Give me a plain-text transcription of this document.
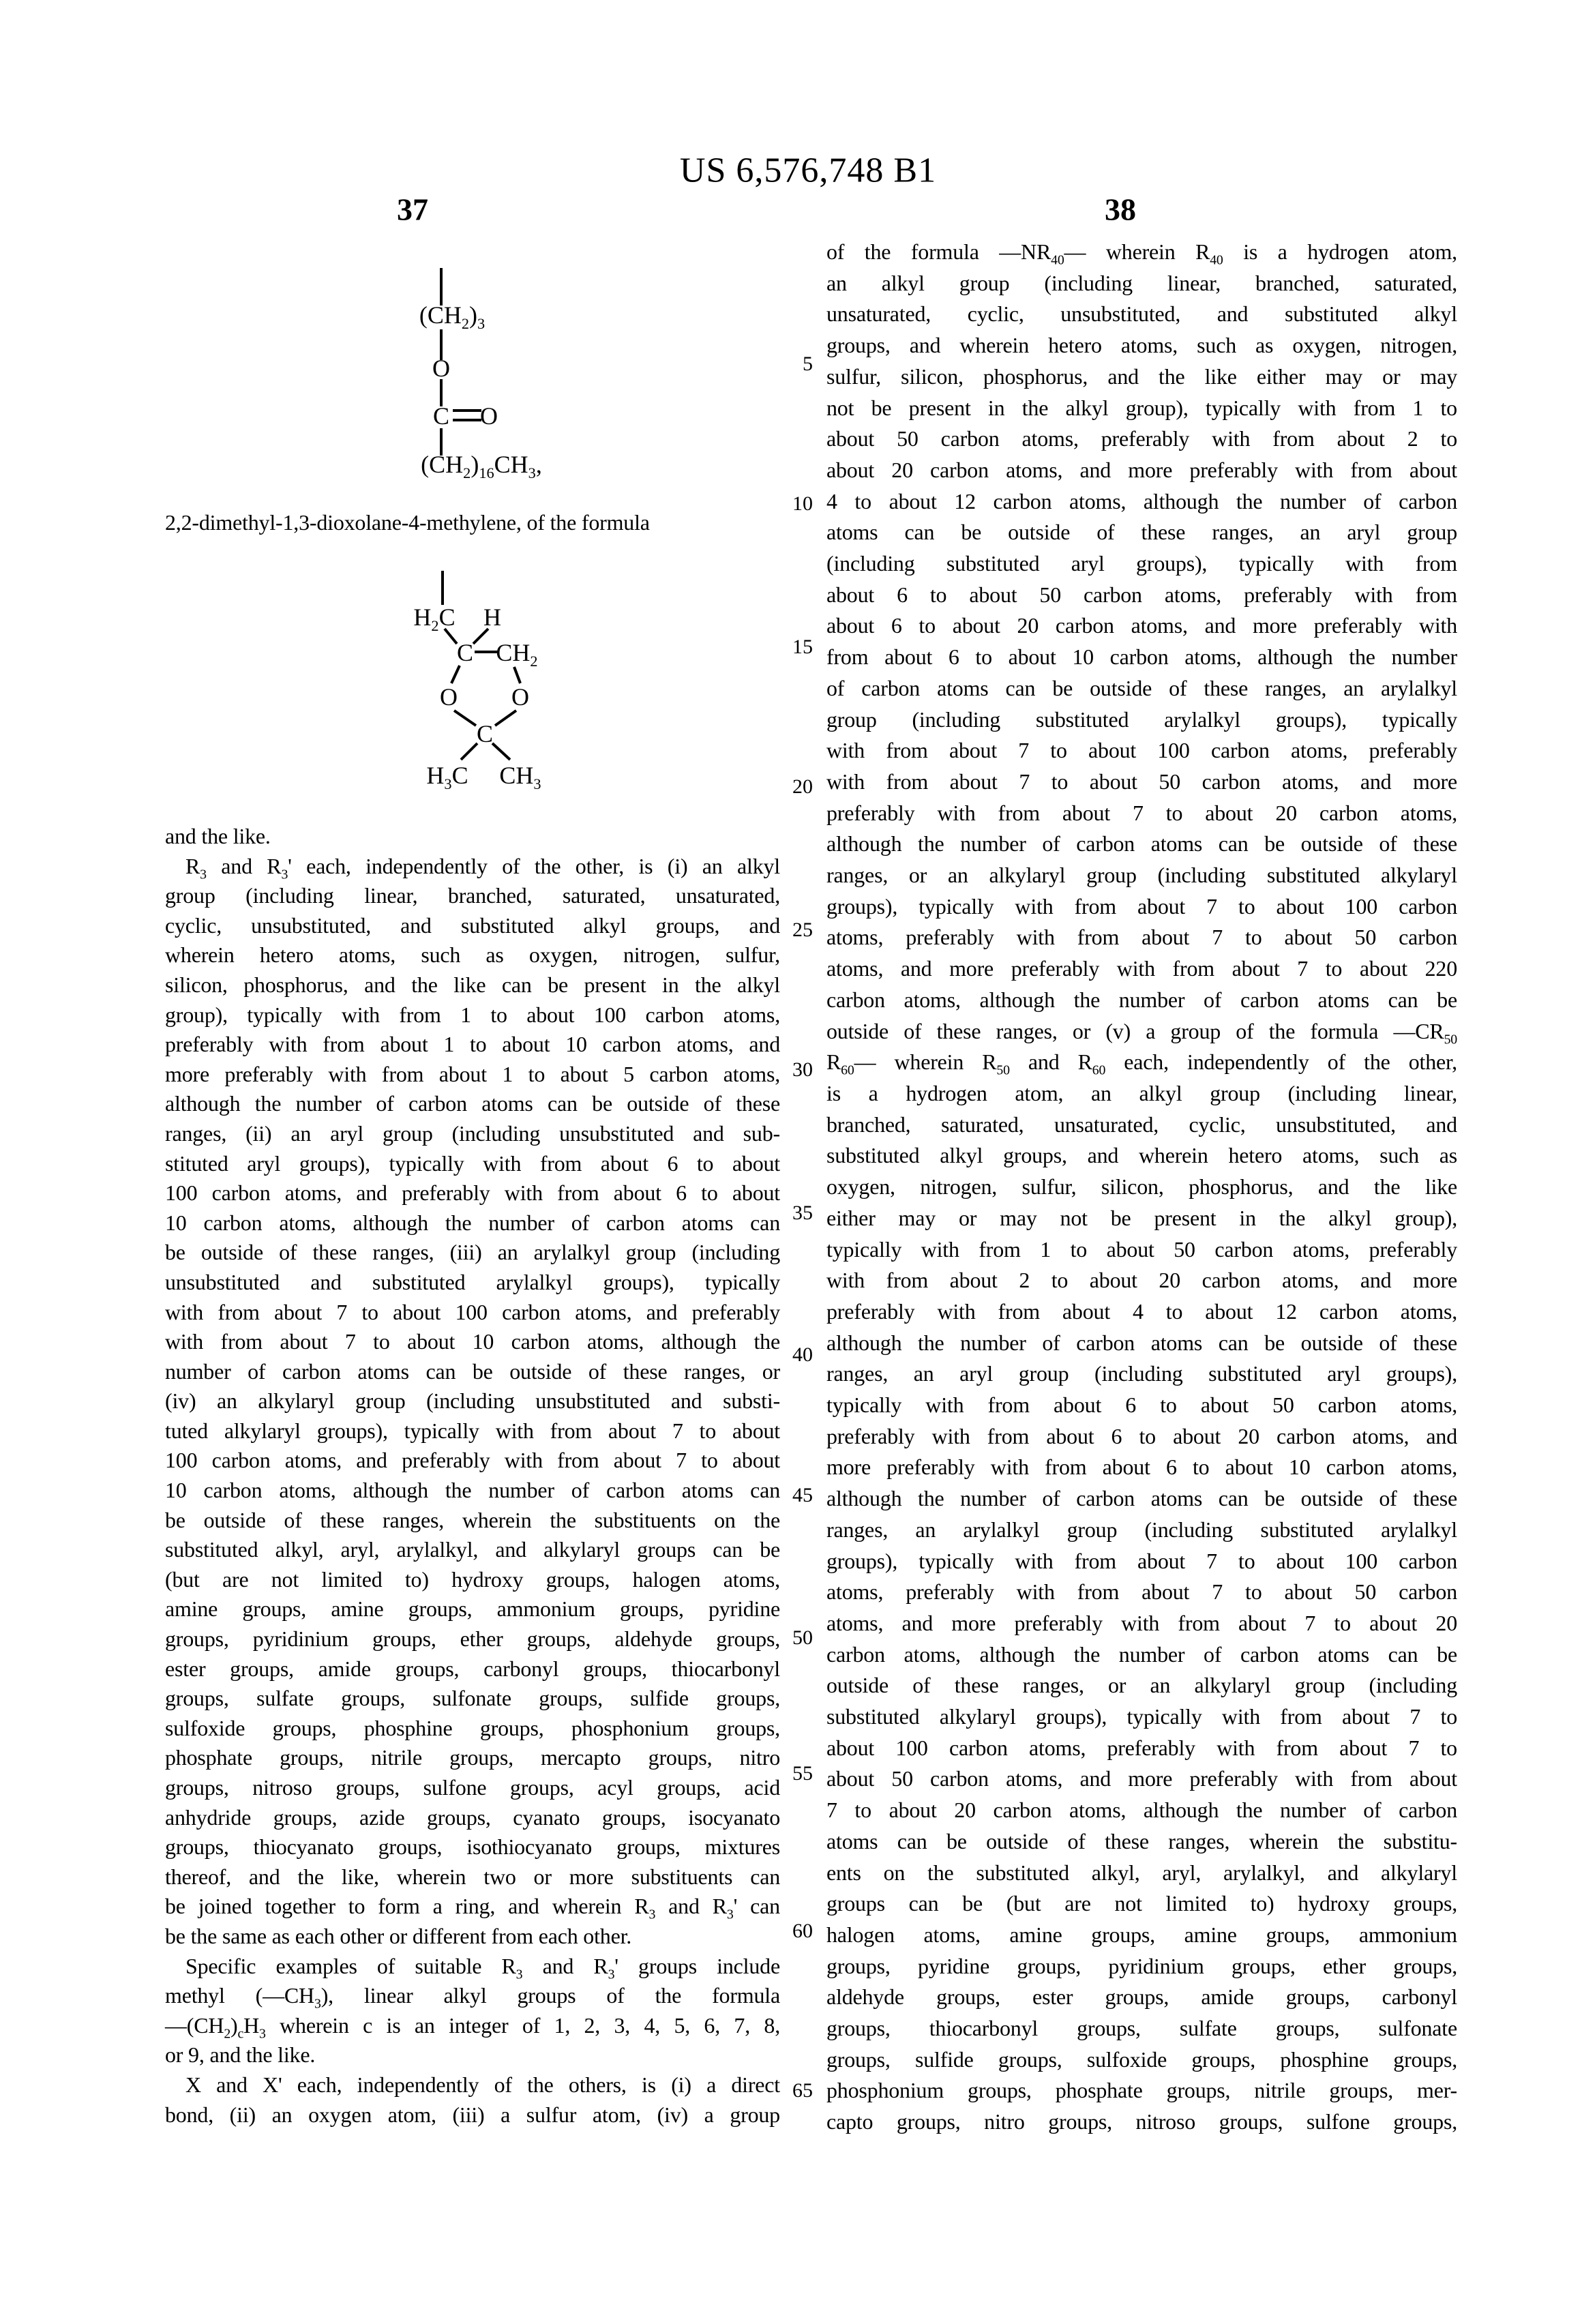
US 6,576,748 B1
37	38
$(CH_2)_3$
O
C O
$(CH_2)_{16}CH_3$,
2,2-dimethyl-1,3-dioxolane-4-methylene, of the formula
$H_2C$ H
C $CH_2$
O O
C
$H_3C$ $CH_3$
and the like.
$R_3$ and $R_3'$ each, independently of the other, is (i) an alkyl
group (including linear, branched, saturated, unsaturated,
cyclic, unsubstituted, and substituted alkyl groups, and
wherein hetero atoms, such as oxygen, nitrogen, sulfur,
silicon, phosphorus, and the like can be present in the alkyl
group), typically with from 1 to about 100 carbon atoms,
preferably with from about 1 to about 10 carbon atoms, and
more preferably with from about 1 to about 5 carbon atoms,
although the number of carbon atoms can be outside of these
ranges, (ii) an aryl group (including unsubstituted and sub-
stituted aryl groups), typically with from about 6 to about
100 carbon atoms, and preferably with from about 6 to about
10 carbon atoms, although the number of carbon atoms can
be outside of these ranges, (iii) an arylalkyl group (including
unsubstituted and substituted arylalkyl groups), typically
with from about 7 to about 100 carbon atoms, and preferably
with from about 7 to about 10 carbon atoms, although the
number of carbon atoms can be outside of these ranges, or
(iv) an alkylaryl group (including unsubstituted and substi-
tuted alkylaryl groups), typically with from about 7 to about
100 carbon atoms, and preferably with from about 7 to about
10 carbon atoms, although the number of carbon atoms can
be outside of these ranges, wherein the substituents on the
substituted alkyl, aryl, arylalkyl, and alkylaryl groups can be
(but are not limited to) hydroxy groups, halogen atoms,
amine groups, amine groups, ammonium groups, pyridine
groups, pyridinium groups, ether groups, aldehyde groups,
ester groups, amide groups, carbonyl groups, thiocarbonyl
groups, sulfate groups, sulfonate groups, sulfide groups,
sulfoxide groups, phosphine groups, phosphonium groups,
phosphate groups, nitrile groups, mercapto groups, nitro
groups, nitroso groups, sulfone groups, acyl groups, acid
anhydride groups, azide groups, cyanato groups, isocyanato
groups, thiocyanato groups, isothiocyanato groups, mixtures
thereof, and the like, wherein two or more substituents can
be joined together to form a ring, and wherein $R_3$ and $R_3'$ can
be the same as each other or different from each other.
Specific examples of suitable $R_3$ and $R_3'$ groups include
methyl $(—CH_3)$, linear alkyl groups of the formula
$—(CH_2)_cH_3$ wherein c is an integer of 1, 2, 3, 4, 5, 6, 7, 8,
or 9, and the like.
X and X' each, independently of the others, is (i) a direct
bond, (ii) an oxygen atom, (iii) a sulfur atom, (iv) a group
of the formula $—NR_{40}—$ wherein $R_{40}$ is a hydrogen atom,
an alkyl group (including linear, branched, saturated,
unsaturated, cyclic, unsubstituted, and substituted alkyl
groups, and wherein hetero atoms, such as oxygen, nitrogen,
sulfur, silicon, phosphorus, and the like either may or may
not be present in the alkyl group), typically with from 1 to
about 50 carbon atoms, preferably with from about 2 to
about 20 carbon atoms, and more preferably with from about
4 to about 12 carbon atoms, although the number of carbon
atoms can be outside of these ranges, an aryl group
(including substituted aryl groups), typically with from
about 6 to about 50 carbon atoms, preferably with from
about 6 to about 20 carbon atoms, and more preferably with
from about 6 to about 10 carbon atoms, although the number
of carbon atoms can be outside of these ranges, an arylalkyl
group (including substituted arylalkyl groups), typically
with from about 7 to about 100 carbon atoms, preferably
with from about 7 to about 50 carbon atoms, and more
preferably with from about 7 to about 20 carbon atoms,
although the number of carbon atoms can be outside of these
ranges, or an alkylaryl group (including substituted alkylaryl
groups), typically with from about 7 to about 100 carbon
atoms, preferably with from about 7 to about 50 carbon
atoms, and more preferably with from about 7 to about 220
carbon atoms, although the number of carbon atoms can be
outside of these ranges, or (v) a group of the formula $—CR_{50}$
$R_{60}—$ wherein $R_{50}$ and $R_{60}$ each, independently of the other,
is a hydrogen atom, an alkyl group (including linear,
branched, saturated, unsaturated, cyclic, unsubstituted, and
substituted alkyl groups, and wherein hetero atoms, such as
oxygen, nitrogen, sulfur, silicon, phosphorus, and the like
either may or may not be present in the alkyl group),
typically with from 1 to about 50 carbon atoms, preferably
with from about 2 to about 20 carbon atoms, and more
preferably with from about 4 to about 12 carbon atoms,
although the number of carbon atoms can be outside of these
ranges, an aryl group (including substituted aryl groups),
typically with from about 6 to about 50 carbon atoms,
preferably with from about 6 to about 20 carbon atoms, and
more preferably with from about 6 to about 10 carbon atoms,
although the number of carbon atoms can be outside of these
ranges, an arylalkyl group (including substituted arylalkyl
groups), typically with from about 7 to about 100 carbon
atoms, preferably with from about 7 to about 50 carbon
atoms, and more preferably with from about 7 to about 20
carbon atoms, although the number of carbon atoms can be
outside of these ranges, or an alkylaryl group (including
substituted alkylaryl groups), typically with from about 7 to
about 100 carbon atoms, preferably with from about 7 to
about 50 carbon atoms, and more preferably with from about
7 to about 20 carbon atoms, although the number of carbon
atoms can be outside of these ranges, wherein the substitu-
ents on the substituted alkyl, aryl, arylalkyl, and alkylaryl
groups can be (but are not limited to) hydroxy groups,
halogen atoms, amine groups, amine groups, ammonium
groups, pyridine groups, pyridinium groups, ether groups,
aldehyde groups, ester groups, amide groups, carbonyl
groups, thiocarbonyl groups, sulfate groups, sulfonate
groups, sulfide groups, sulfoxide groups, phosphine groups,
phosphonium groups, phosphate groups, nitrile groups, mer-
capto groups, nitro groups, nitroso groups, sulfone groups,
5
10
15
20
25
30
35
40
45
50
55
60
65
